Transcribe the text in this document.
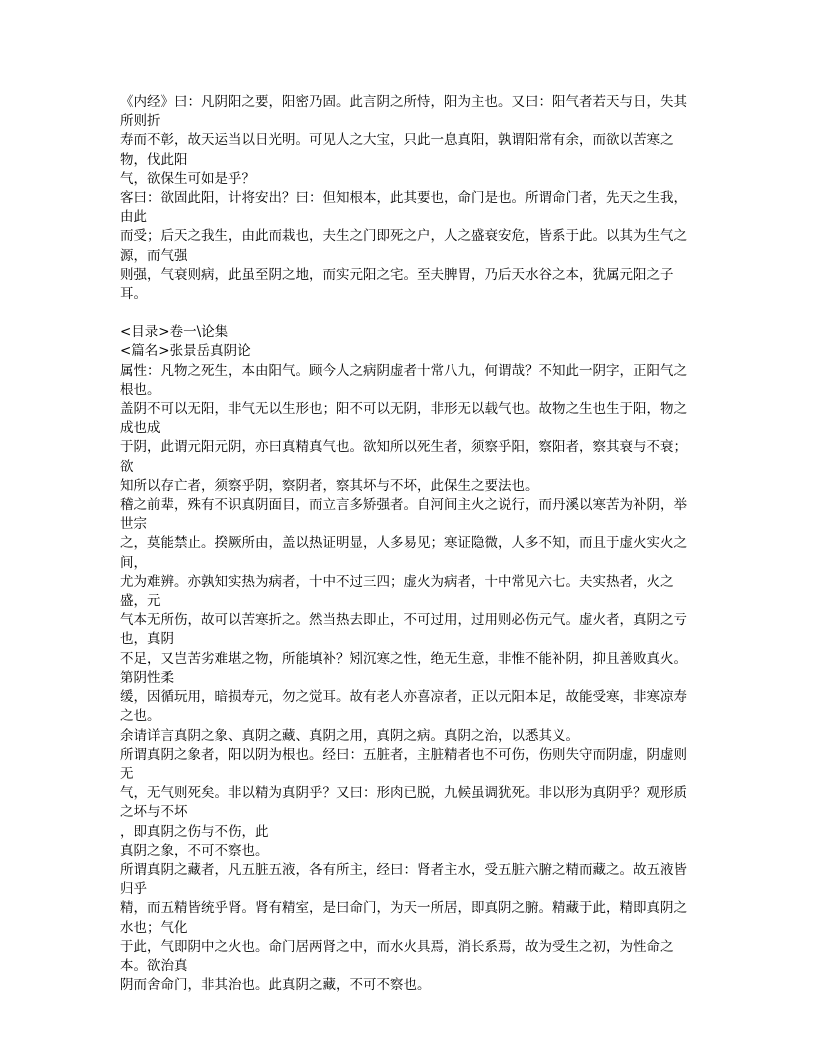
《内经》曰：凡阴阳之要，阳密乃固。此言阴之所恃，阳为主也。又曰：阳气者若天与日，失其所则折

寿而不彰，故天运当以日光明。可见人之大宝，只此一息真阳，孰谓阳常有余，而欲以苦寒之物，伐此阳

气，欲保生可如是乎？

客曰：欲固此阳，计将安出？曰：但知根本，此其要也，命门是也。所谓命门者，先天之生我，由此

而受；后天之我生，由此而栽也，夫生之门即死之户，人之盛衰安危，皆系于此。以其为生气之源，而气强

则强，气衰则病，此虽至阴之地，而实元阳之宅。至夫脾胃，乃后天水谷之本，犹属元阳之子耳。

<目录>卷一\论集

<篇名>张景岳真阴论

属性：凡物之死生，本由阳气。顾今人之病阴虚者十常八九，何谓哉？不知此一阴字，正阳气之根也。

盖阴不可以无阳，非气无以生形也；阳不可以无阴，非形无以载气也。故物之生也生于阳，物之成也成

于阴，此谓元阳元阴，亦曰真精真气也。欲知所以死生者，须察乎阳，察阳者，察其衰与不衰；欲

知所以存亡者，须察乎阴，察阴者，察其坏与不坏，此保生之要法也。

稽之前辈，殊有不识真阴面目，而立言多矫强者。自河间主火之说行，而丹溪以寒苦为补阴，举世宗

之，莫能禁止。揆厥所由，盖以热证明显，人多易见；寒证隐微，人多不知，而且于虚火实火之间，

尤为难辨。亦孰知实热为病者，十中不过三四；虚火为病者，十中常见六七。夫实热者，火之盛，元

气本无所伤，故可以苦寒折之。然当热去即止，不可过用，过用则必伤元气。虚火者，真阴之亏也，真阴

不足，又岂苦劣难堪之物，所能填补？矧沉寒之性，绝无生意，非惟不能补阴，抑且善败真火。第阴性柔

缓，因循玩用，暗损寿元，勿之觉耳。故有老人亦喜凉者，正以元阳本足，故能受寒，非寒凉寿之也。

余请详言真阴之象、真阴之藏、真阴之用，真阴之病。真阴之治，以悉其义。

所谓真阴之象者，阳以阴为根也。经曰：五脏者，主脏精者也不可伤，伤则失守而阴虚，阴虚则无

气，无气则死矣。非以精为真阴乎？又曰：形肉已脱，九候虽调犹死。非以形为真阴乎？观形质之坏与不坏

，即真阴之伤与不伤，此

真阴之象，不可不察也。

所谓真阴之藏者，凡五脏五液，各有所主，经曰：肾者主水，受五脏六腑之精而藏之。故五液皆归乎

精，而五精皆统乎肾。肾有精室，是曰命门，为天一所居，即真阴之腑。精藏于此，精即真阴之水也；气化

于此，气即阴中之火也。命门居两肾之中，而水火具焉，消长系焉，故为受生之初，为性命之本。欲治真

阴而舍命门，非其治也。此真阴之藏，不可不察也。
